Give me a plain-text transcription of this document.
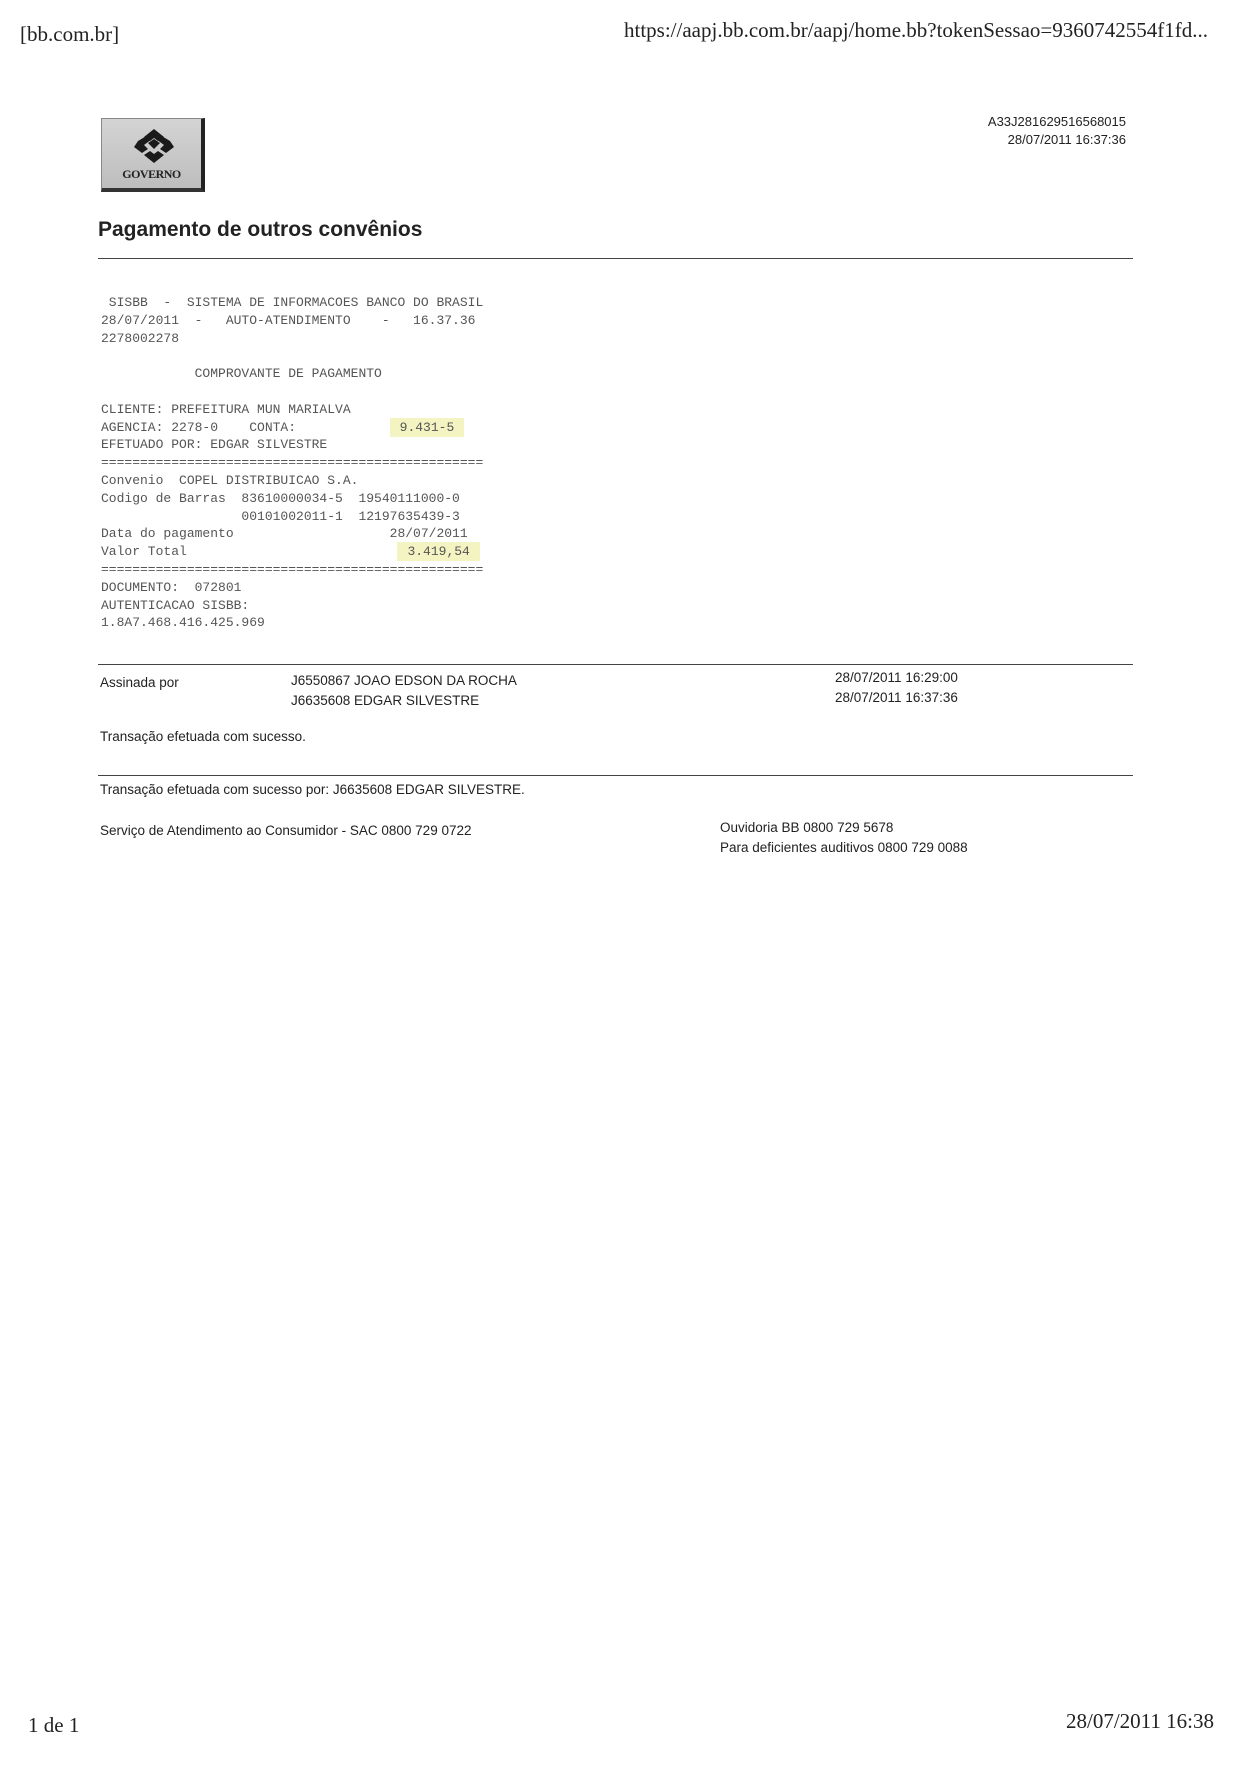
[bb.com.br]	https://aapj.bb.com.br/aapj/home.bb?tokenSessao=9360742554f1fd...
GOVERNO
A33J281629516568015
28/07/2011 16:37:36
Pagamento de outros convênios
SISBB  -  SISTEMA DE INFORMACOES BANCO DO BRASIL
28/07/2011  -   AUTO-ATENDIMENTO    -   16.37.36
2278002278

COMPROVANTE DE PAGAMENTO

CLIENTE: PREFEITURA MUN MARIALVA
AGENCIA: 2278-0    CONTA:            9.431-5
EFETUADO POR: EDGAR SILVESTRE
=================================================
Convenio  COPEL DISTRIBUICAO S.A.
Codigo de Barras  83610000034-5  19540111000-0
00101002011-1  12197635439-3
Data do pagamento                    28/07/2011
Valor Total                           3.419,54
=================================================
DOCUMENTO:  072801
AUTENTICACAO SISBB:
1.8A7.468.416.425.969
Assinada por	J6550867 JOAO EDSON DA ROCHA	28/07/2011 16:29:00
J6635608 EDGAR SILVESTRE	28/07/2011 16:37:36
Transação efetuada com sucesso.
Transação efetuada com sucesso por: J6635608 EDGAR SILVESTRE.
Serviço de Atendimento ao Consumidor - SAC 0800 729 0722	Ouvidoria BB 0800 729 5678
Para deficientes auditivos 0800 729 0088
1 de 1	28/07/2011 16:38
